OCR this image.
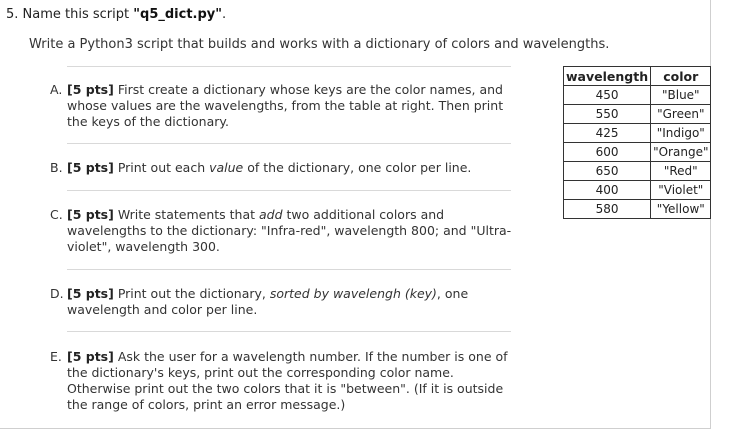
5. Name this script "q5_dict.py".
Write a Python3 script that builds and works with a dictionary of colors and wavelengths.
A. [5 pts] First create a dictionary whose keys are the color names, and whose values are the wavelengths, from the table at right. Then print the keys of the dictionary.
B. [5 pts] Print out each value of the dictionary, one color per line.
C. [5 pts] Write statements that add two additional colors and wavelengths to the dictionary: "Infra-red", wavelength 800; and "Ultra-violet", wavelength 300.
D. [5 pts] Print out the dictionary, sorted by wavelengh (key), one wavelength and color per line.
E. [5 pts] Ask the user for a wavelength number. If the number is one of the dictionary's keys, print out the corresponding color name. Otherwise print out the two colors that it is "between". (If it is outside the range of colors, print an error message.)
wavelength	color
450	"Blue"
550	"Green"
425	"Indigo"
600	"Orange"
650	"Red"
400	"Violet"
580	"Yellow"
